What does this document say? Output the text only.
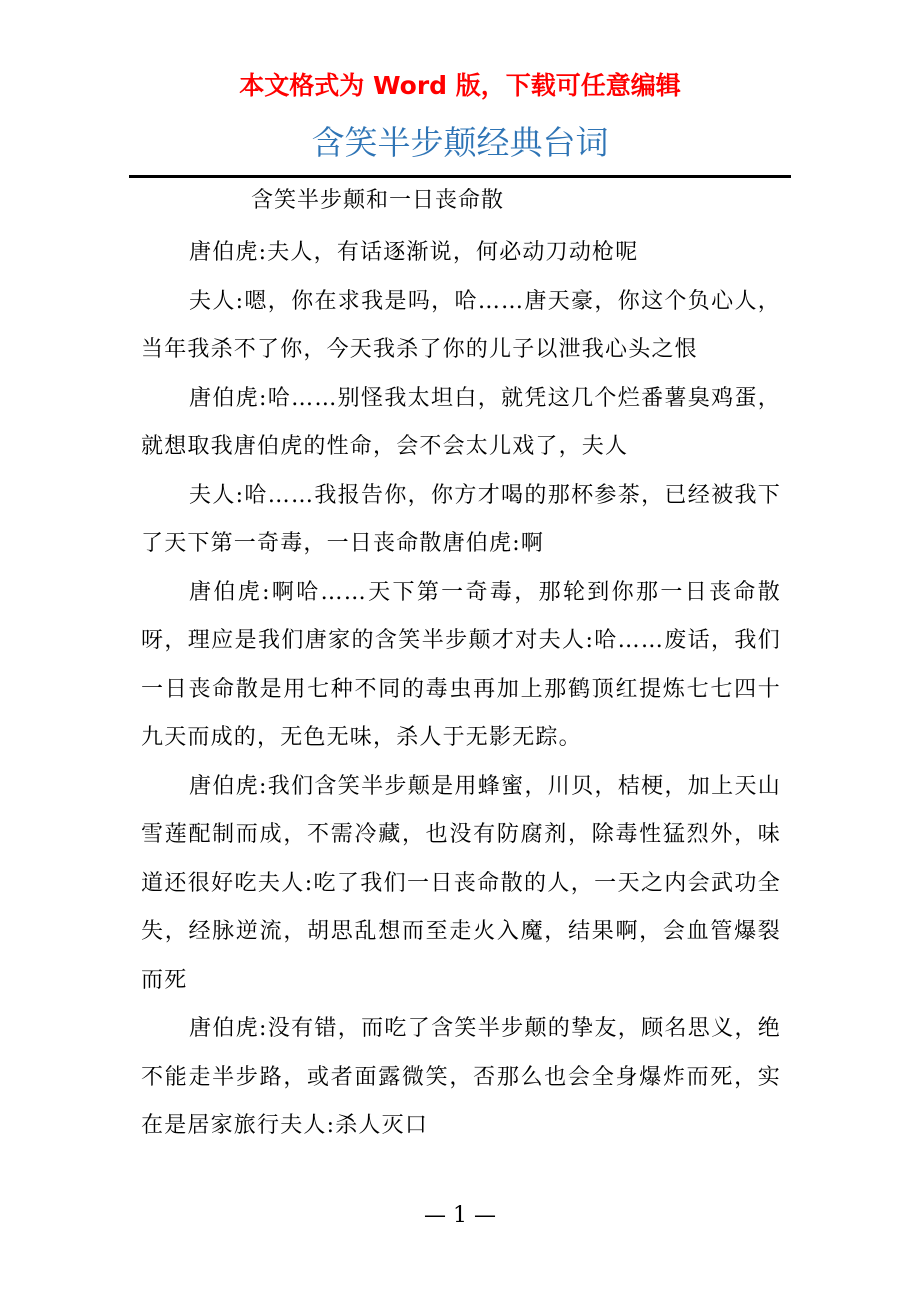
本文格式为 Word 版，下载可任意编辑
含笑半步颠经典台词
含笑半步颠和一日丧命散

唐伯虎:夫人，有话逐渐说，何必动刀动枪呢

夫人:嗯，你在求我是吗，哈……唐天豪，你这个负心人，当年我杀不了你，今天我杀了你的儿子以泄我心头之恨

唐伯虎:哈……别怪我太坦白，就凭这几个烂番薯臭鸡蛋，就想取我唐伯虎的性命，会不会太儿戏了，夫人

夫人:哈……我报告你，你方才喝的那杯参茶，已经被我下了天下第一奇毒，一日丧命散唐伯虎:啊

唐伯虎:啊哈……天下第一奇毒，那轮到你那一日丧命散呀，理应是我们唐家的含笑半步颠才对夫人:哈……废话，我们一日丧命散是用七种不同的毒虫再加上那鹤顶红提炼七七四十九天而成的，无色无味，杀人于无影无踪。

唐伯虎:我们含笑半步颠是用蜂蜜，川贝，桔梗，加上天山雪莲配制而成，不需冷藏，也没有防腐剂，除毒性猛烈外，味道还很好吃夫人:吃了我们一日丧命散的人，一天之内会武功全失，经脉逆流，胡思乱想而至走火入魔，结果啊，会血管爆裂而死

唐伯虎:没有错，而吃了含笑半步颠的挚友，顾名思义，绝不能走半步路，或者面露微笑，否那么也会全身爆炸而死，实在是居家旅行夫人:杀人灭口

— 1 —
